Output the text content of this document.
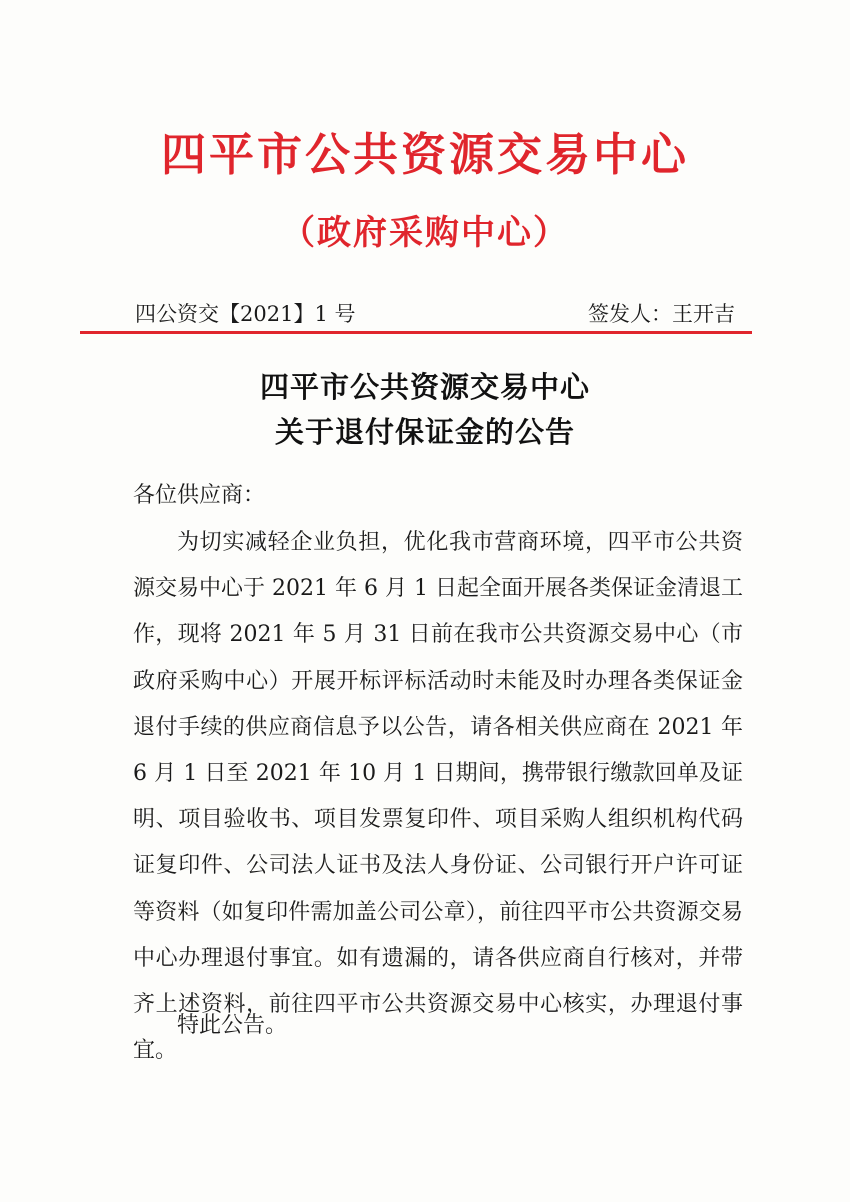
四平市公共资源交易中心
（政府采购中心）
四公资交【2021】1 号	签发人：王开吉
四平市公共资源交易中心
关于退付保证金的公告
各位供应商：

为切实减轻企业负担，优化我市营商环境，四平市公共资源交易中心于 2021 年 6 月 1 日起全面开展各类保证金清退工作，现将 2021 年 5 月 31 日前在我市公共资源交易中心（市政府采购中心）开展开标评标活动时未能及时办理各类保证金退付手续的供应商信息予以公告，请各相关供应商在 2021 年 6 月 1 日至 2021 年 10 月 1 日期间，携带银行缴款回单及证明、项目验收书、项目发票复印件、项目采购人组织机构代码证复印件、公司法人证书及法人身份证、公司银行开户许可证等资料（如复印件需加盖公司公章），前往四平市公共资源交易中心办理退付事宜。如有遗漏的，请各供应商自行核对，并带齐上述资料，前往四平市公共资源交易中心核实，办理退付事宜。

特此公告。
